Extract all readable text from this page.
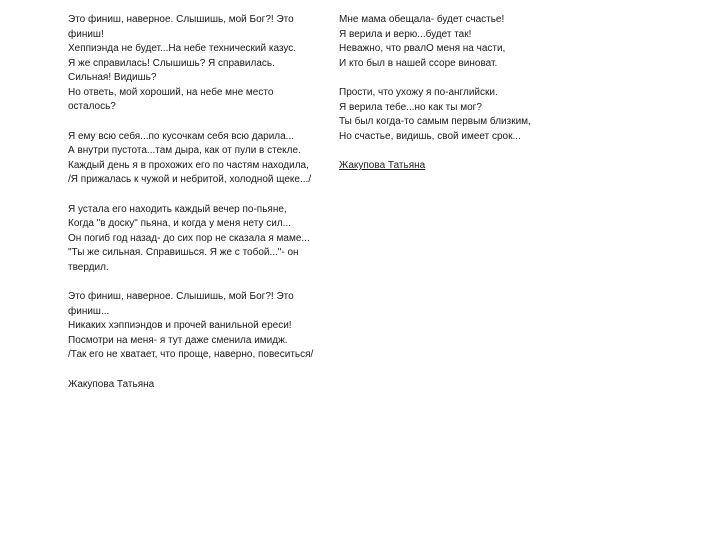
Это финиш, наверное. Слышишь, мой Бог?! Это финиш!
Хеппиэнда не будет...На небе технический казус.
Я же справилась! Слышишь? Я справилась. Сильная! Видишь?
Но ответь, мой хороший, на небе мне место осталось?
Я ему всю себя...по кусочкам себя всю дарила...
А внутри пустота...там дыра, как от пули в стекле.
Каждый день я в прохожих его по частям находила,
/Я прижалась к чужой и небритой, холодной щеке.../
Я устала его находить каждый вечер по-пьяне,
Когда "в доску" пьяна, и когда у меня нету сил...
Он погиб год назад- до сих пор не сказала я маме...
"Ты же сильная. Справишься. Я же с тобой..."- он твердил.
Это финиш, наверное. Слышишь, мой Бог?! Это финиш...
Никаких хэппиэндов и прочей ванильной ереси!
Посмотри на меня- я тут даже сменила имидж.
/Так его не хватает, что проще, наверно, повеситься/
Жакупова Татьяна
Мне мама обещала- будет счастье!
Я верила и верю...будет так!
Неважно, что рвалО меня на части,
И кто был в нашей ссоре виноват.
Прости, что ухожу я по-английски.
Я верила тебе...но как ты мог?
Ты был когда-то самым первым близким,
Но счастье, видишь, свой имеет срок...
Жакупова Татьяна
